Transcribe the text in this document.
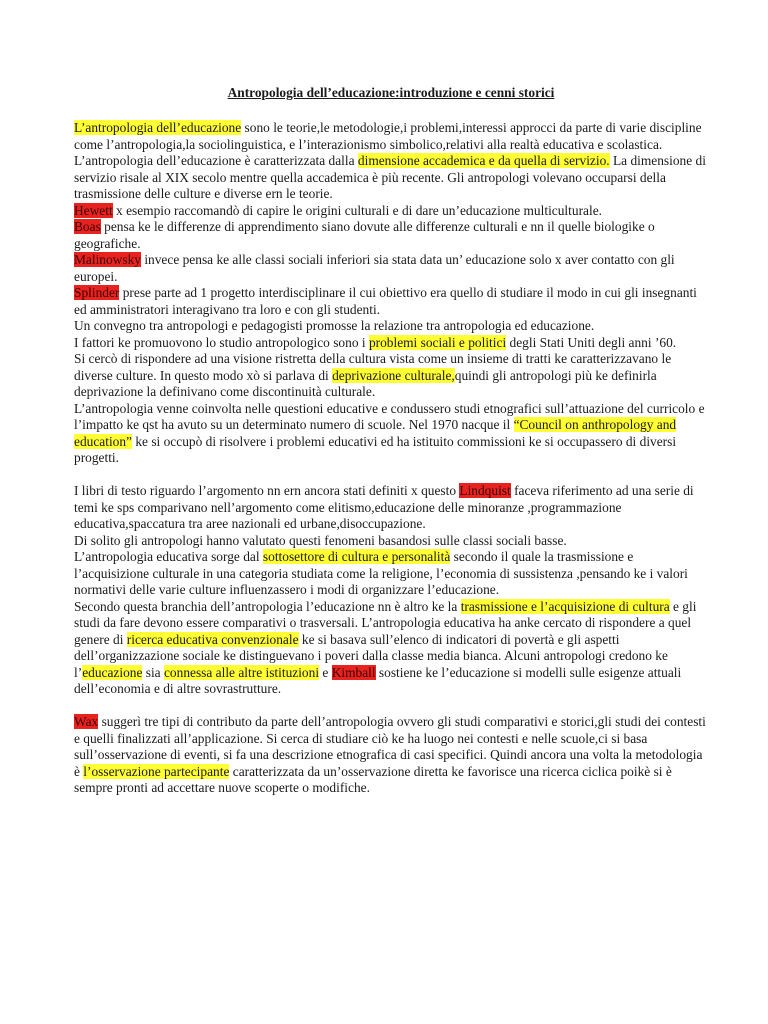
Antropologia dell’educazione:introduzione e cenni storici

L’antropologia dell’educazione sono le teorie,le metodologie,i problemi,interessi approcci da parte di varie discipline come l’antropologia,la sociolinguistica, e l’interazionismo simbolico,relativi alla realtà educativa e scolastica.

L’antropologia dell’educazione è caratterizzata dalla dimensione accademica e da quella di servizio. La dimensione di servizio risale al XIX secolo mentre quella accademica è più recente. Gli antropologi volevano occuparsi della trasmissione delle culture e diverse ern le teorie.

Hewett x esempio raccomandò di capire le origini culturali e di dare un’educazione multiculturale.

Boas pensa ke le differenze di apprendimento siano dovute alle differenze culturali e nn il quelle biologike o geografiche.

Malinowsky invece pensa ke alle classi sociali inferiori sia stata data un’ educazione solo x aver contatto con gli europei.

Splinder prese parte ad 1 progetto interdisciplinare il cui obiettivo era quello di studiare il modo in cui gli insegnanti ed amministratori interagivano tra loro e con gli studenti.

Un convegno tra antropologi e pedagogisti promosse la relazione tra antropologia ed educazione.

I fattori ke promuovono lo studio antropologico sono i problemi sociali e politici degli Stati Uniti degli anni ’60.

Si cercò di rispondere ad una visione ristretta della cultura vista come un insieme di tratti ke caratterizzavano le diverse culture. In questo modo xò si parlava di deprivazione culturale,quindi gli antropologi più ke definirla deprivazione la definivano come discontinuità culturale.

L’antropologia venne coinvolta nelle questioni educative e condussero studi etnografici sull’attuazione del curricolo e l’impatto ke qst ha avuto su un determinato numero di scuole. Nel 1970 nacque il “Council on anthropology and education” ke si occupò di risolvere i problemi educativi ed ha istituito commissioni ke si occupassero di diversi progetti.

I libri di testo riguardo l’argomento nn ern ancora stati definiti x questo Lindquist faceva riferimento ad una serie di temi ke sps comparivano nell’argomento come elitismo,educazione delle minoranze ,programmazione educativa,spaccatura tra aree nazionali ed urbane,disoccupazione.

Di solito gli antropologi hanno valutato questi fenomeni basandosi sulle classi sociali basse.

L’antropologia educativa sorge dal sottosettore di cultura e personalità secondo il quale la trasmissione e l’acquisizione culturale in una categoria studiata come la religione, l’economia di sussistenza ,pensando ke i valori normativi delle varie culture influenzassero i modi di organizzare l’educazione.

Secondo questa branchia dell’antropologia l’educazione nn è altro ke la trasmissione e l’acquisizione di cultura e gli studi da fare devono essere comparativi o trasversali. L’antropologia educativa ha anke cercato di rispondere a quel genere di ricerca educativa convenzionale ke si basava sull’elenco di indicatori di povertà e gli aspetti dell’organizzazione sociale ke distinguevano i poveri dalla classe media bianca. Alcuni antropologi credono ke l’educazione sia connessa alle altre istituzioni e Kimball sostiene ke l’educazione si modelli sulle esigenze attuali dell’economia e di altre sovrastrutture.

Wax suggerì tre tipi di contributo da parte dell’antropologia ovvero gli studi comparativi e storici,gli studi dei contesti e quelli finalizzati all’applicazione. Si cerca di studiare ciò ke ha luogo nei contesti e nelle scuole,ci si basa sull’osservazione di eventi, si fa una descrizione etnografica di casi specifici. Quindi ancora una volta la metodologia è l’osservazione partecipante caratterizzata da un’osservazione diretta ke favorisce una ricerca ciclica poikè si è sempre pronti ad accettare nuove scoperte o modifiche.
